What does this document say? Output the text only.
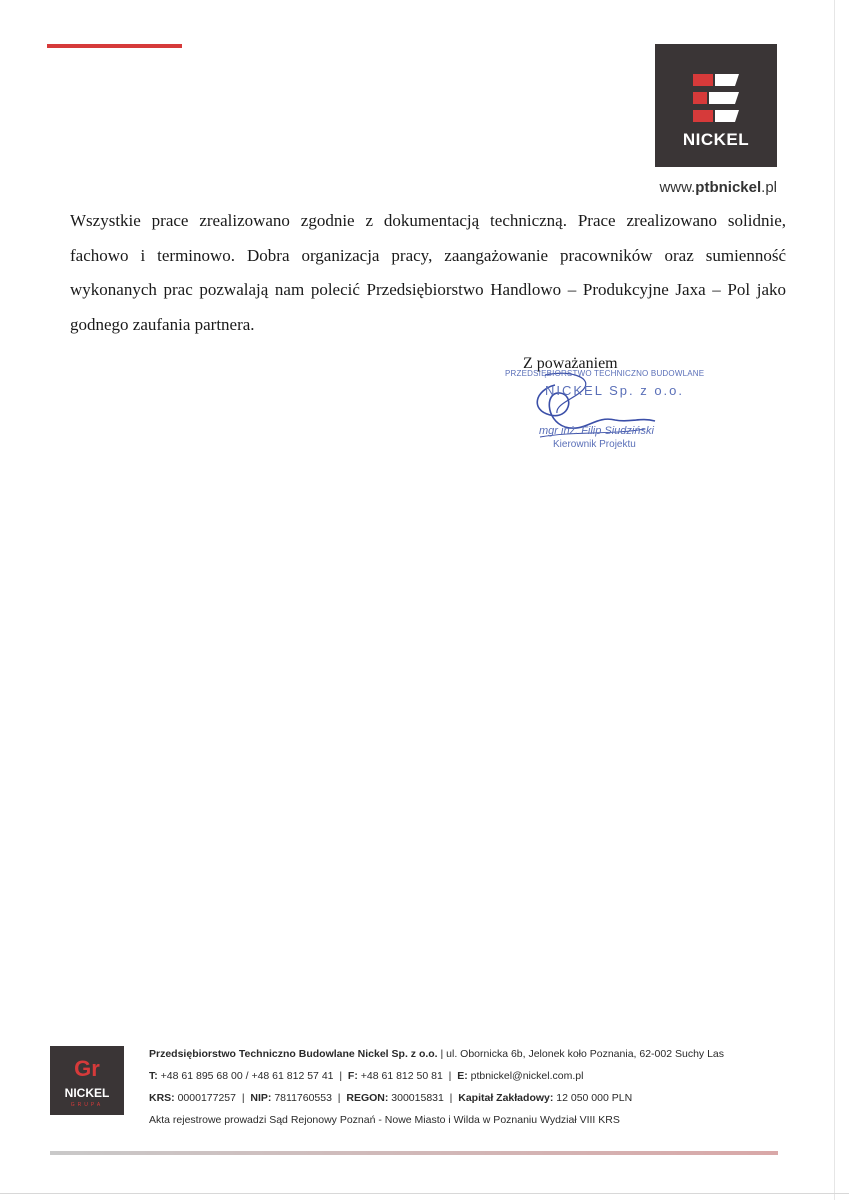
NICKEL
www.ptbnickel.pl
Wszystkie prace zrealizowano zgodnie z dokumentacją techniczną. Prace zrealizowano solidnie, fachowo i terminowo. Dobra organizacja pracy, zaangażowanie pracowników oraz sumienność wykonanych prac pozwalają nam polecić Przedsiębiorstwo Handlowo – Produkcyjne Jaxa – Pol jako godnego zaufania partnera.
Z poważaniem
PRZEDSIĘBIORSTWO TECHNICZNO BUDOWLANE
NICKEL Sp. z o.o.
mgr inż. Filip Siudziński
Kierownik Projektu
Gr
NICKEL
GRUPA
Przedsiębiorstwo Techniczno Budowlane Nickel Sp. z o.o. | ul. Obornicka 6b, Jelonek koło Poznania, 62-002 Suchy Las
T: +48 61 895 68 00 / +48 61 812 57 41  |  F: +48 61 812 50 81  |  E: ptbnickel@nickel.com.pl
KRS: 0000177257  |  NIP: 7811760553  |  REGON: 300015831  |  Kapitał Zakładowy: 12 050 000 PLN
Akta rejestrowe prowadzi Sąd Rejonowy Poznań - Nowe Miasto i Wilda w Poznaniu Wydział VIII KRS
